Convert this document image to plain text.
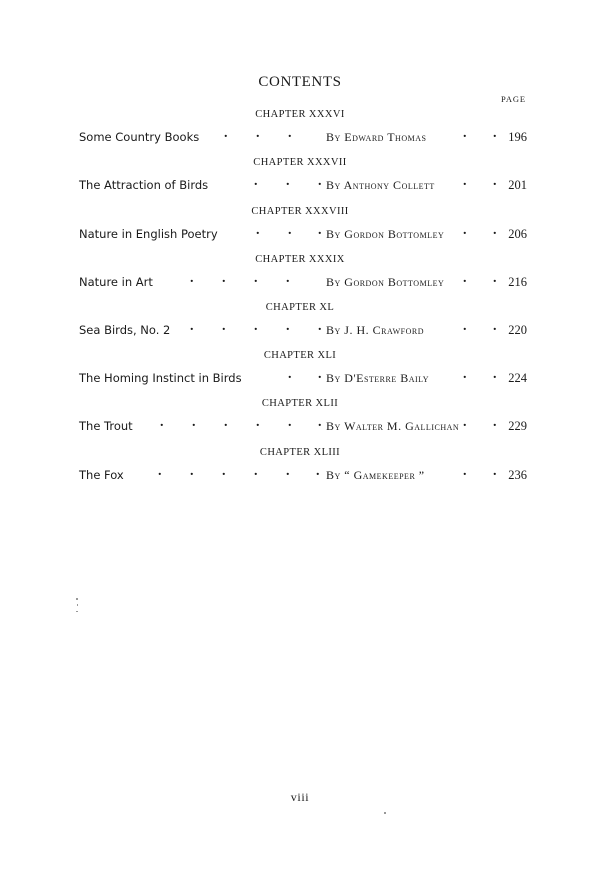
CONTENTS
PAGE
CHAPTER XXXVI
Some Country Books . . .	By Edward Thomas	. . 196
CHAPTER XXXVII
The Attraction of Birds	. . . By Anthony Collett . . 201
CHAPTER XXXVIII
Nature in English Poetry	. . . By Gordon Bottomley . . 206
CHAPTER XXXIX
Nature in Art	. . . .	By Gordon Bottomley . . 216
CHAPTER XL
Sea Birds, No. 2 . . . . . By J. H. Crawford	. . 220
CHAPTER XLI
The Homing Instinct in Birds	. . By D'Esterre Baily . . 224
CHAPTER XLII
The Trout . . . . . . By Walter M. Gallichan . . 229
CHAPTER XLIII
The Fox . . . . . . By “ Gamekeeper ”	. . 236
viii
